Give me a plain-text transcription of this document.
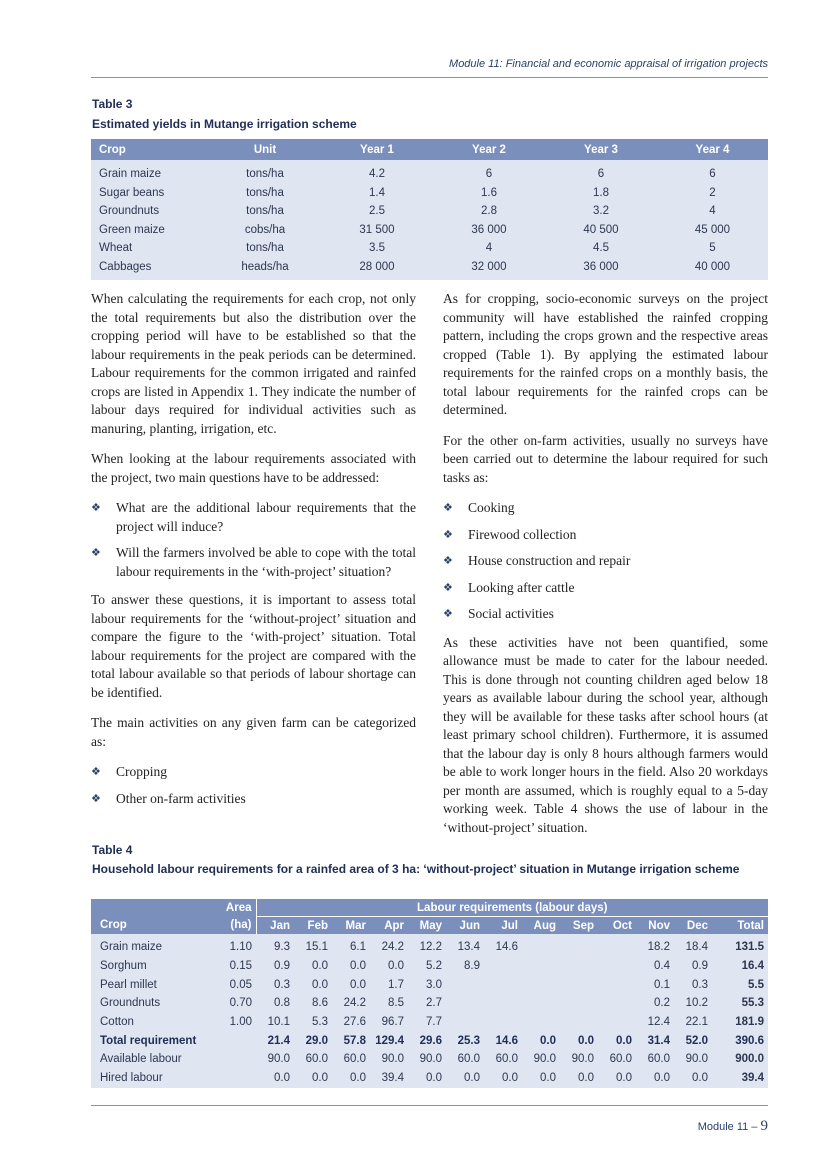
Module 11: Financial and economic appraisal of irrigation projects
Table 3
Estimated yields in Mutange irrigation scheme
Crop	Unit	Year 1	Year 2	Year 3	Year 4
Grain maize	tons/ha	4.2	6	6	6
Sugar beans	tons/ha	1.4	1.6	1.8	2
Groundnuts	tons/ha	2.5	2.8	3.2	4
Green maize	cobs/ha	31 500	36 000	40 500	45 000
Wheat	tons/ha	3.5	4	4.5	5
Cabbages	heads/ha	28 000	32 000	36 000	40 000

When calculating the requirements for each crop, not only the total requirements but also the distribution over the cropping period will have to be established so that the labour requirements in the peak periods can be determined. Labour requirements for the common irrigated and rainfed crops are listed in Appendix 1. They indicate the number of labour days required for individual activities such as manuring, planting, irrigation, etc.

When looking at the labour requirements associated with the project, two main questions have to be addressed:

❖ What are the additional labour requirements that the project will induce?
❖ Will the farmers involved be able to cope with the total labour requirements in the ‘with-project’ situation?

To answer these questions, it is important to assess total labour requirements for the ‘without-project’ situation and compare the figure to the ‘with-project’ situation. Total labour requirements for the project are compared with the total labour available so that periods of labour shortage can be identified.

The main activities on any given farm can be categorized as:

❖ Cropping
❖ Other on-farm activities

As for cropping, socio-economic surveys on the project community will have established the rainfed cropping pattern, including the crops grown and the respective areas cropped (Table 1). By applying the estimated labour requirements for the rainfed crops on a monthly basis, the total labour requirements for the rainfed crops can be determined.

For the other on-farm activities, usually no surveys have been carried out to determine the labour required for such tasks as:

❖ Cooking
❖ Firewood collection
❖ House construction and repair
❖ Looking after cattle
❖ Social activities

As these activities have not been quantified, some allowance must be made to cater for the labour needed. This is done through not counting children aged below 18 years as available labour during the school year, although they will be available for these tasks after school hours (at least primary school children). Furthermore, it is assumed that the labour day is only 8 hours although farmers would be able to work longer hours in the field. Also 20 workdays per month are assumed, which is roughly equal to a 5-day working week. Table 4 shows the use of labour in the ‘without-project’ situation.

Table 4
Household labour requirements for a rainfed area of 3 ha: ‘without-project’ situation in Mutange irrigation scheme
	Area	Labour requirements (labour days)												
Crop	(ha)	Jan	Feb	Mar	Apr	May	Jun	Jul	Aug	Sep	Oct	Nov	Dec	Total
Grain maize	1.10	9.3	15.1	6.1	24.2	12.2	13.4	14.6				18.2	18.4	131.5
Sorghum	0.15	0.9	0.0	0.0	0.0	5.2	8.9					0.4	0.9	16.4
Pearl millet	0.05	0.3	0.0	0.0	1.7	3.0						0.1	0.3	5.5
Groundnuts	0.70	0.8	8.6	24.2	8.5	2.7						0.2	10.2	55.3
Cotton	1.00	10.1	5.3	27.6	96.7	7.7						12.4	22.1	181.9
Total requirement		21.4	29.0	57.8	129.4	29.6	25.3	14.6	0.0	0.0	0.0	31.4	52.0	390.6
Available labour		90.0	60.0	60.0	90.0	90.0	60.0	60.0	90.0	90.0	60.0	60.0	90.0	900.0
Hired labour		0.0	0.0	0.0	39.4	0.0	0.0	0.0	0.0	0.0	0.0	0.0	0.0	39.4
Module 11 – 9
